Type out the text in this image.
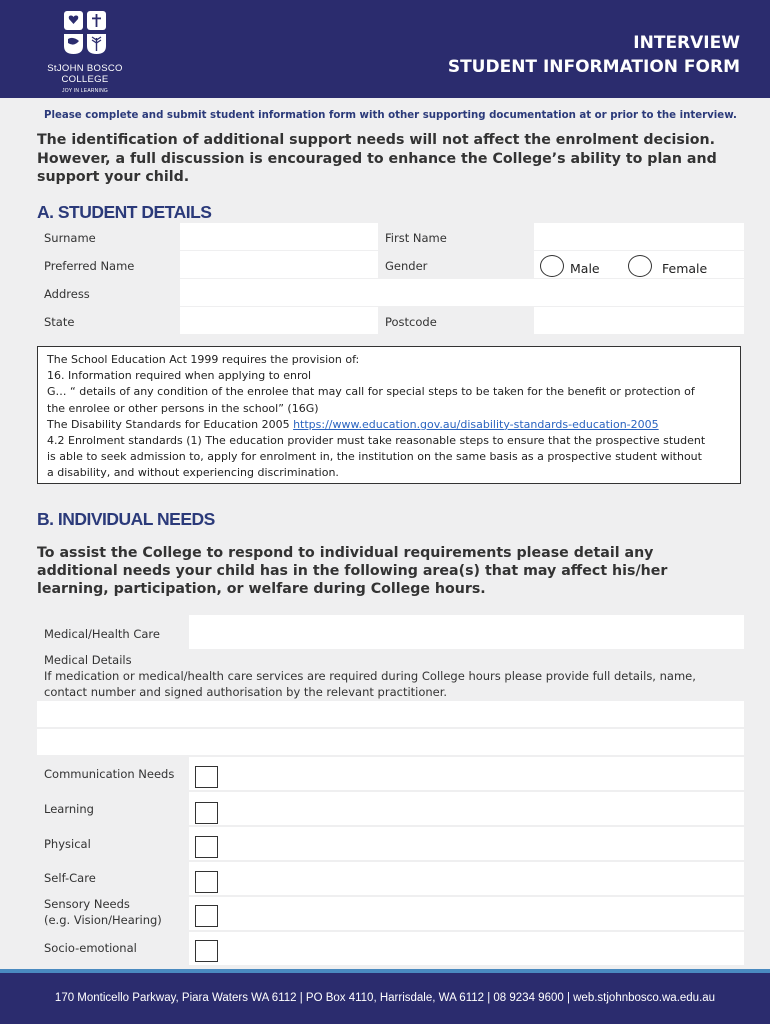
StJOHN BOSCO
COLLEGE
JOY IN LEARNING
INTERVIEW
STUDENT INFORMATION FORM
Please complete and submit student information form with other supporting documentation at or prior to the interview.
The identification of additional support needs will not affect the enrolment decision.
However, a full discussion is encouraged to enhance the College’s ability to plan and
support your child.
A. STUDENT DETAILS
Surname	First Name
Preferred Name	Gender	Male	Female
Address
State	Postcode
The School Education Act 1999 requires the provision of:
16. Information required when applying to enrol
G… “ details of any condition of the enrolee that may call for special steps to be taken for the benefit or protection of
the enrolee or other persons in the school” (16G)
The Disability Standards for Education 2005 https://www.education.gov.au/disability-standards-education-2005
4.2 Enrolment standards (1) The education provider must take reasonable steps to ensure that the prospective student
is able to seek admission to, apply for enrolment in, the institution on the same basis as a prospective student without
a disability, and without experiencing discrimination.
B. INDIVIDUAL NEEDS
To assist the College to respond to individual requirements please detail any
additional needs your child has in the following area(s) that may affect his/her
learning, participation, or welfare during College hours.
Medical/Health Care
Medical Details
If medication or medical/health care services are required during College hours please provide full details, name,
contact number and signed authorisation by the relevant practitioner.
Communication Needs
Learning
Physical
Self-Care
Sensory Needs
(e.g. Vision/Hearing)
Socio-emotional
170 Monticello Parkway, Piara Waters WA 6112 | PO Box 4110, Harrisdale, WA 6112 | 08 9234 9600 | web.stjohnbosco.wa.edu.au
